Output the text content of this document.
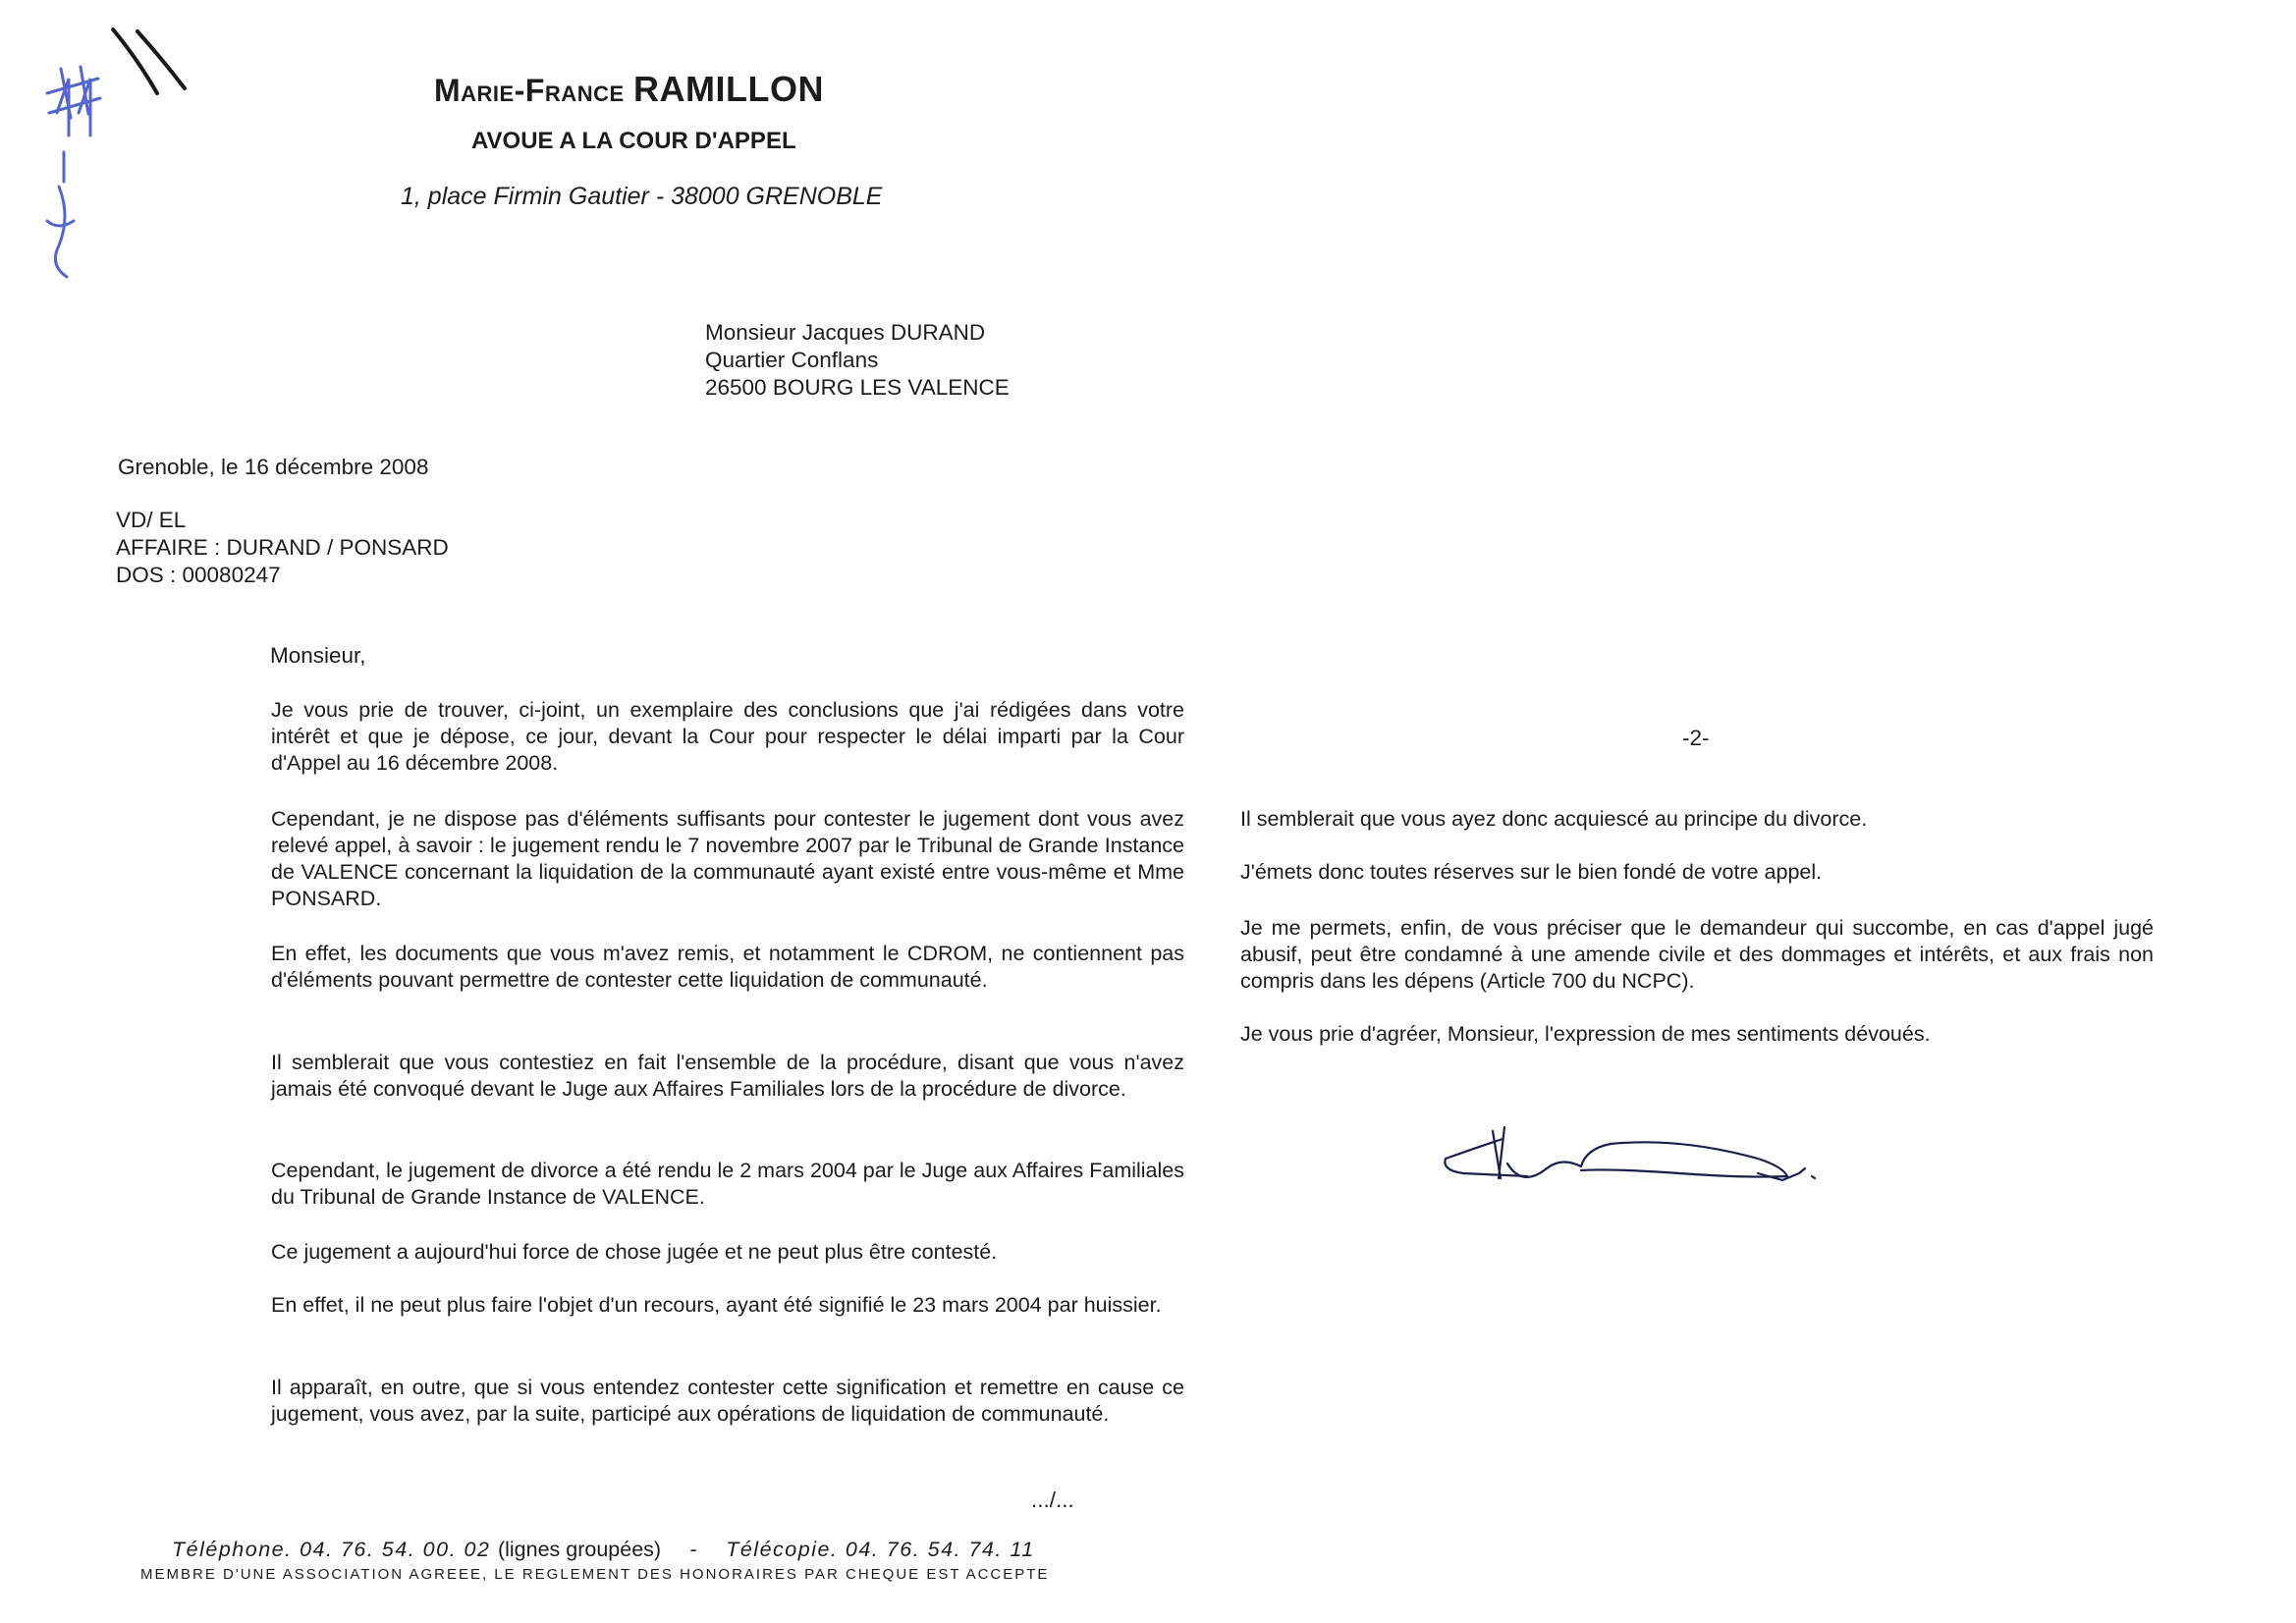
Marie-France RAMILLON
AVOUE A LA COUR D'APPEL
1, place Firmin Gautier - 38000 GRENOBLE
Monsieur Jacques DURAND
Quartier Conflans
26500 BOURG LES VALENCE
Grenoble, le 16 décembre 2008
VD/ EL
AFFAIRE : DURAND / PONSARD
DOS : 00080247
Monsieur,
Je vous prie de trouver, ci-joint, un exemplaire des conclusions que j'ai rédigées dans votre intérêt et que je dépose, ce jour, devant la Cour pour respecter le délai imparti par la Cour d'Appel au 16 décembre 2008.
Cependant, je ne dispose pas d'éléments suffisants pour contester le jugement dont vous avez relevé appel, à savoir : le jugement rendu le 7 novembre 2007 par le Tribunal de Grande Instance de VALENCE concernant la liquidation de la communauté ayant existé entre vous-même et Mme PONSARD.
En effet, les documents que vous m'avez remis, et notamment le CDROM, ne contiennent pas d'éléments pouvant permettre de contester cette liquidation de communauté.
Il semblerait que vous contestiez en fait l'ensemble de la procédure, disant que vous n'avez jamais été convoqué devant le Juge aux Affaires Familiales lors de la procédure de divorce.
Cependant, le jugement de divorce a été rendu le 2 mars 2004 par le Juge aux Affaires Familiales du Tribunal de Grande Instance de VALENCE.
Ce jugement a aujourd'hui force de chose jugée et ne peut plus être contesté.
En effet, il ne peut plus faire l'objet d'un recours, ayant été signifié le 23 mars 2004 par huissier.
Il apparaît, en outre, que si vous entendez contester cette signification et remettre en cause ce jugement, vous avez, par la suite, participé aux opérations de liquidation de communauté.
.../...
Téléphone. 04. 76. 54. 00. 02 (lignes groupées) - Télécopie. 04. 76. 54. 74. 11
MEMBRE D'UNE ASSOCIATION AGREEE, LE REGLEMENT DES HONORAIRES PAR CHEQUE EST ACCEPTE
-2-
Il semblerait que vous ayez donc acquiescé au principe du divorce.
J'émets donc toutes réserves sur le bien fondé de votre appel.
Je me permets, enfin, de vous préciser que le demandeur qui succombe, en cas d'appel jugé abusif, peut être condamné à une amende civile et des dommages et intérêts, et aux frais non compris dans les dépens (Article 700 du NCPC).
Je vous prie d'agréer, Monsieur, l'expression de mes sentiments dévoués.
